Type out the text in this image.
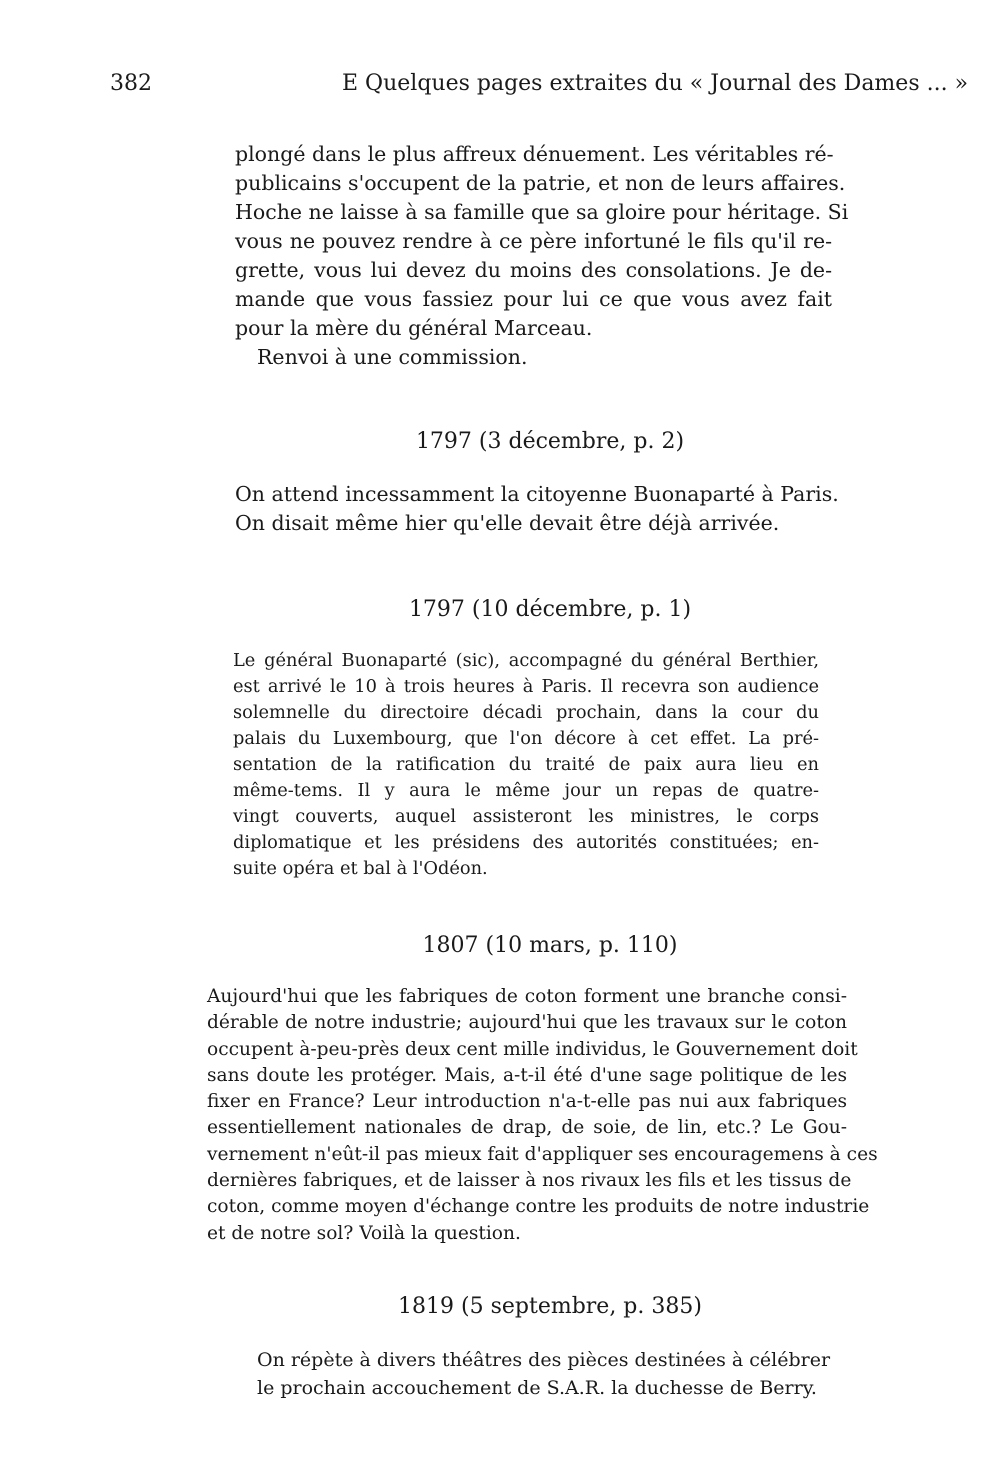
382	E Quelques pages extraites du « Journal des Dames ... »
plongé dans le plus affreux dénuement. Les véritables ré-
publicains s'occupent de la patrie, et non de leurs affaires.
Hoche ne laisse à sa famille que sa gloire pour héritage. Si
vous ne pouvez rendre à ce père infortuné le fils qu'il re-
grette, vous lui devez du moins des consolations. Je de-
mande que vous fassiez pour lui ce que vous avez fait
pour la mère du général Marceau.
Renvoi à une commission.
1797 (3 décembre, p. 2)
On attend incessamment la citoyenne Buonaparté à Paris.
On disait même hier qu'elle devait être déjà arrivée.
1797 (10 décembre, p. 1)
Le général Buonaparté (sic), accompagné du général Berthier,
est arrivé le 10 à trois heures à Paris. Il recevra son audience
solemnelle du directoire décadi prochain, dans la cour du
palais du Luxembourg, que l'on décore à cet effet. La pré-
sentation de la ratification du traité de paix aura lieu en
même-tems. Il y aura le même jour un repas de quatre-
vingt couverts, auquel assisteront les ministres, le corps
diplomatique et les présidens des autorités constituées; en-
suite opéra et bal à l'Odéon.
1807 (10 mars, p. 110)
Aujourd'hui que les fabriques de coton forment une branche consi-
dérable de notre industrie; aujourd'hui que les travaux sur le coton
occupent à-peu-près deux cent mille individus, le Gouvernement doit
sans doute les protéger. Mais, a-t-il été d'une sage politique de les
fixer en France? Leur introduction n'a-t-elle pas nui aux fabriques
essentiellement nationales de drap, de soie, de lin, etc.? Le Gou-
vernement n'eût-il pas mieux fait d'appliquer ses encouragemens à ces
dernières fabriques, et de laisser à nos rivaux les fils et les tissus de
coton, comme moyen d'échange contre les produits de notre industrie
et de notre sol? Voilà la question.
1819 (5 septembre, p. 385)
On répète à divers théâtres des pièces destinées à célébrer
le prochain accouchement de S.A.R. la duchesse de Berry.
